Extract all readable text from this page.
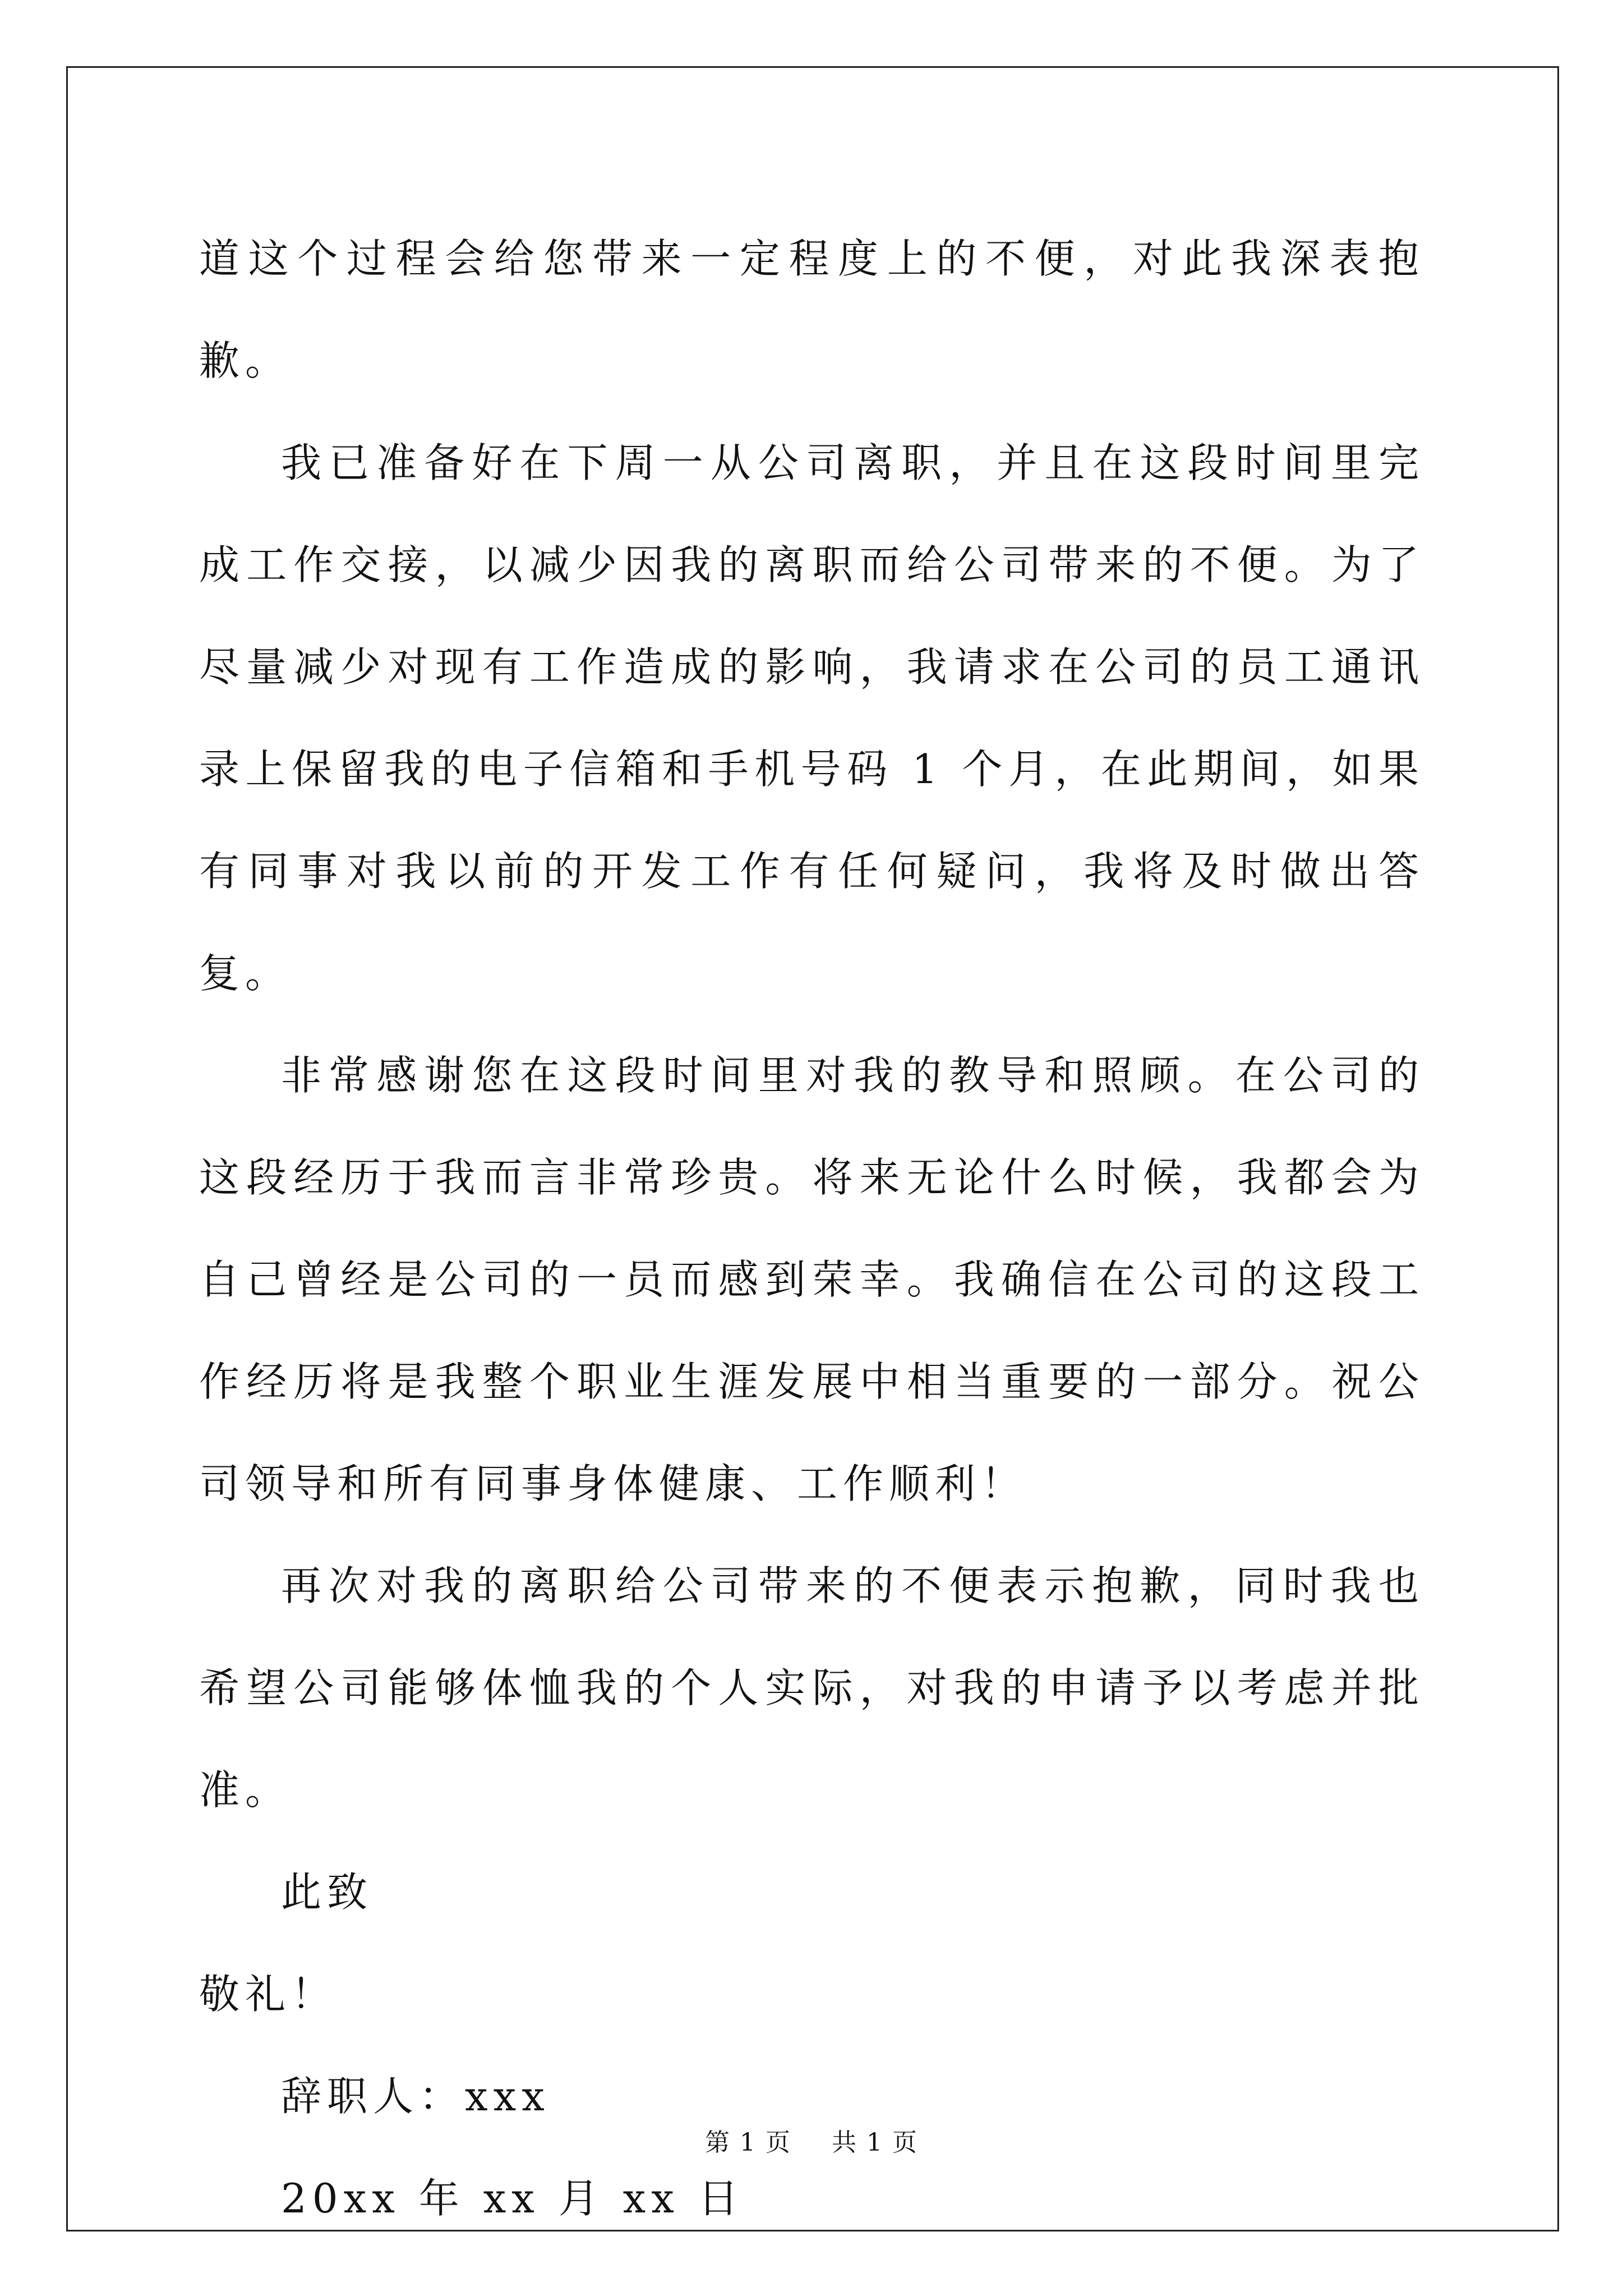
道这个过程会给您带来一定程度上的不便，对此我深表抱歉。

我已准备好在下周一从公司离职，并且在这段时间里完成工作交接，以减少因我的离职而给公司带来的不便。为了尽量减少对现有工作造成的影响，我请求在公司的员工通讯录上保留我的电子信箱和手机号码 1 个月，在此期间，如果有同事对我以前的开发工作有任何疑问，我将及时做出答复。

非常感谢您在这段时间里对我的教导和照顾。在公司的这段经历于我而言非常珍贵。将来无论什么时候，我都会为自己曾经是公司的一员而感到荣幸。我确信在公司的这段工作经历将是我整个职业生涯发展中相当重要的一部分。祝公司领导和所有同事身体健康、工作顺利！

再次对我的离职给公司带来的不便表示抱歉，同时我也希望公司能够体恤我的个人实际，对我的申请予以考虑并批准。

此致

敬礼！

辞职人：xxx

20xx 年 xx 月 xx 日

第 1 页 共 1 页
